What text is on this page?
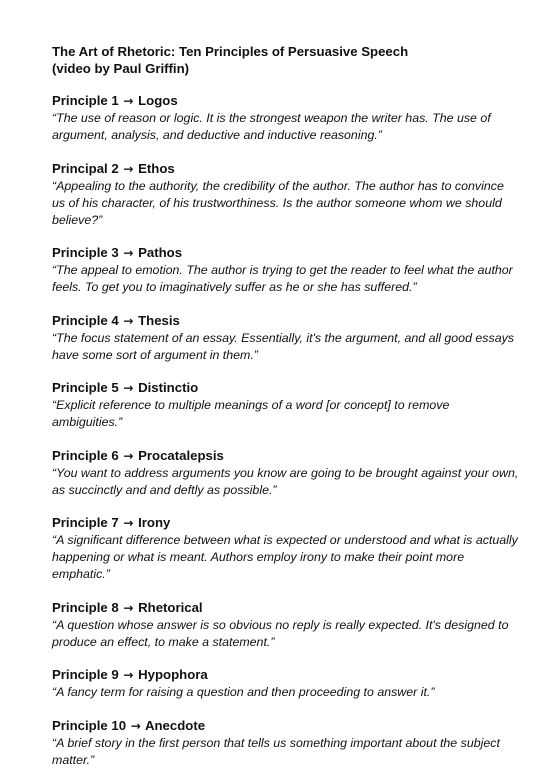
The Art of Rhetoric: Ten Principles of Persuasive Speech
(video by Paul Griffin)

Principle 1 → Logos

“The use of reason or logic. It is the strongest weapon the writer has. The use of argument, analysis, and deductive and inductive reasoning.”

Principal 2 → Ethos

“Appealing to the authority, the credibility of the author. The author has to convince us of his character, of his trustworthiness. Is the author someone whom we should believe?”

Principle 3 → Pathos

“The appeal to emotion. The author is trying to get the reader to feel what the author feels. To get you to imaginatively suffer as he or she has suffered.”

Principle 4 → Thesis

“The focus statement of an essay. Essentially, it's the argument, and all good essays have some sort of argument in them.”

Principle 5 → Distinctio

“Explicit reference to multiple meanings of a word [or concept] to remove ambiguities.”

Principle 6 → Procatalepsis

“You want to address arguments you know are going to be brought against your own, as succinctly and and deftly as possible.”

Principle 7 → Irony

“A significant difference between what is expected or understood and what is actually happening or what is meant. Authors employ irony to make their point more emphatic.”

Principle 8 → Rhetorical

“A question whose answer is so obvious no reply is really expected. It's designed to produce an effect, to make a statement.”

Principle 9 → Hypophora

“A fancy term for raising a question and then proceeding to answer it.”

Principle 10 → Anecdote

“A brief story in the first person that tells us something important about the subject matter.”
